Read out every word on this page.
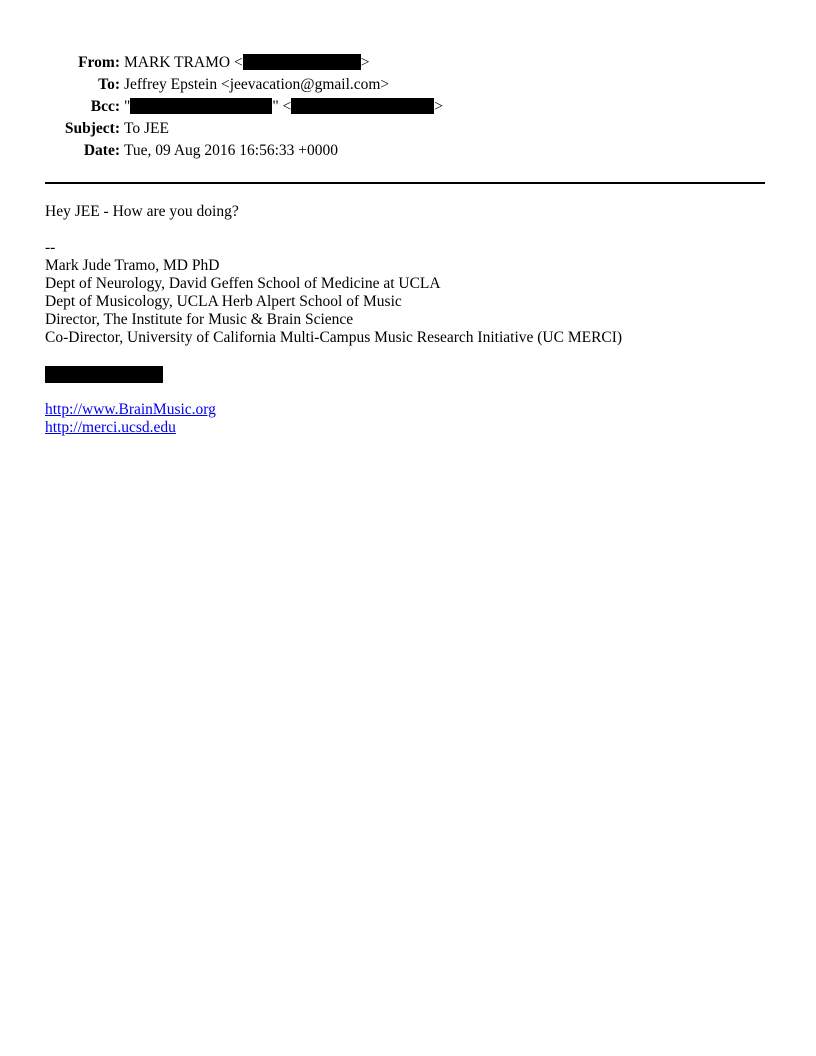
From: MARK TRAMO <	>
To: Jeffrey Epstein <jeevacation@gmail.com>
Bcc: "	" <	>
Subject: To JEE
Date: Tue, 09 Aug 2016 16:56:33 +0000

Hey JEE - How are you doing?

--

Mark Jude Tramo, MD PhD

Dept of Neurology, David Geffen School of Medicine at UCLA

Dept of Musicology, UCLA Herb Alpert School of Music

Director, The Institute for Music & Brain Science

Co-Director, University of California Multi-Campus Music Research Initiative (UC MERCI)

http://www.BrainMusic.org

http://merci.ucsd.edu
